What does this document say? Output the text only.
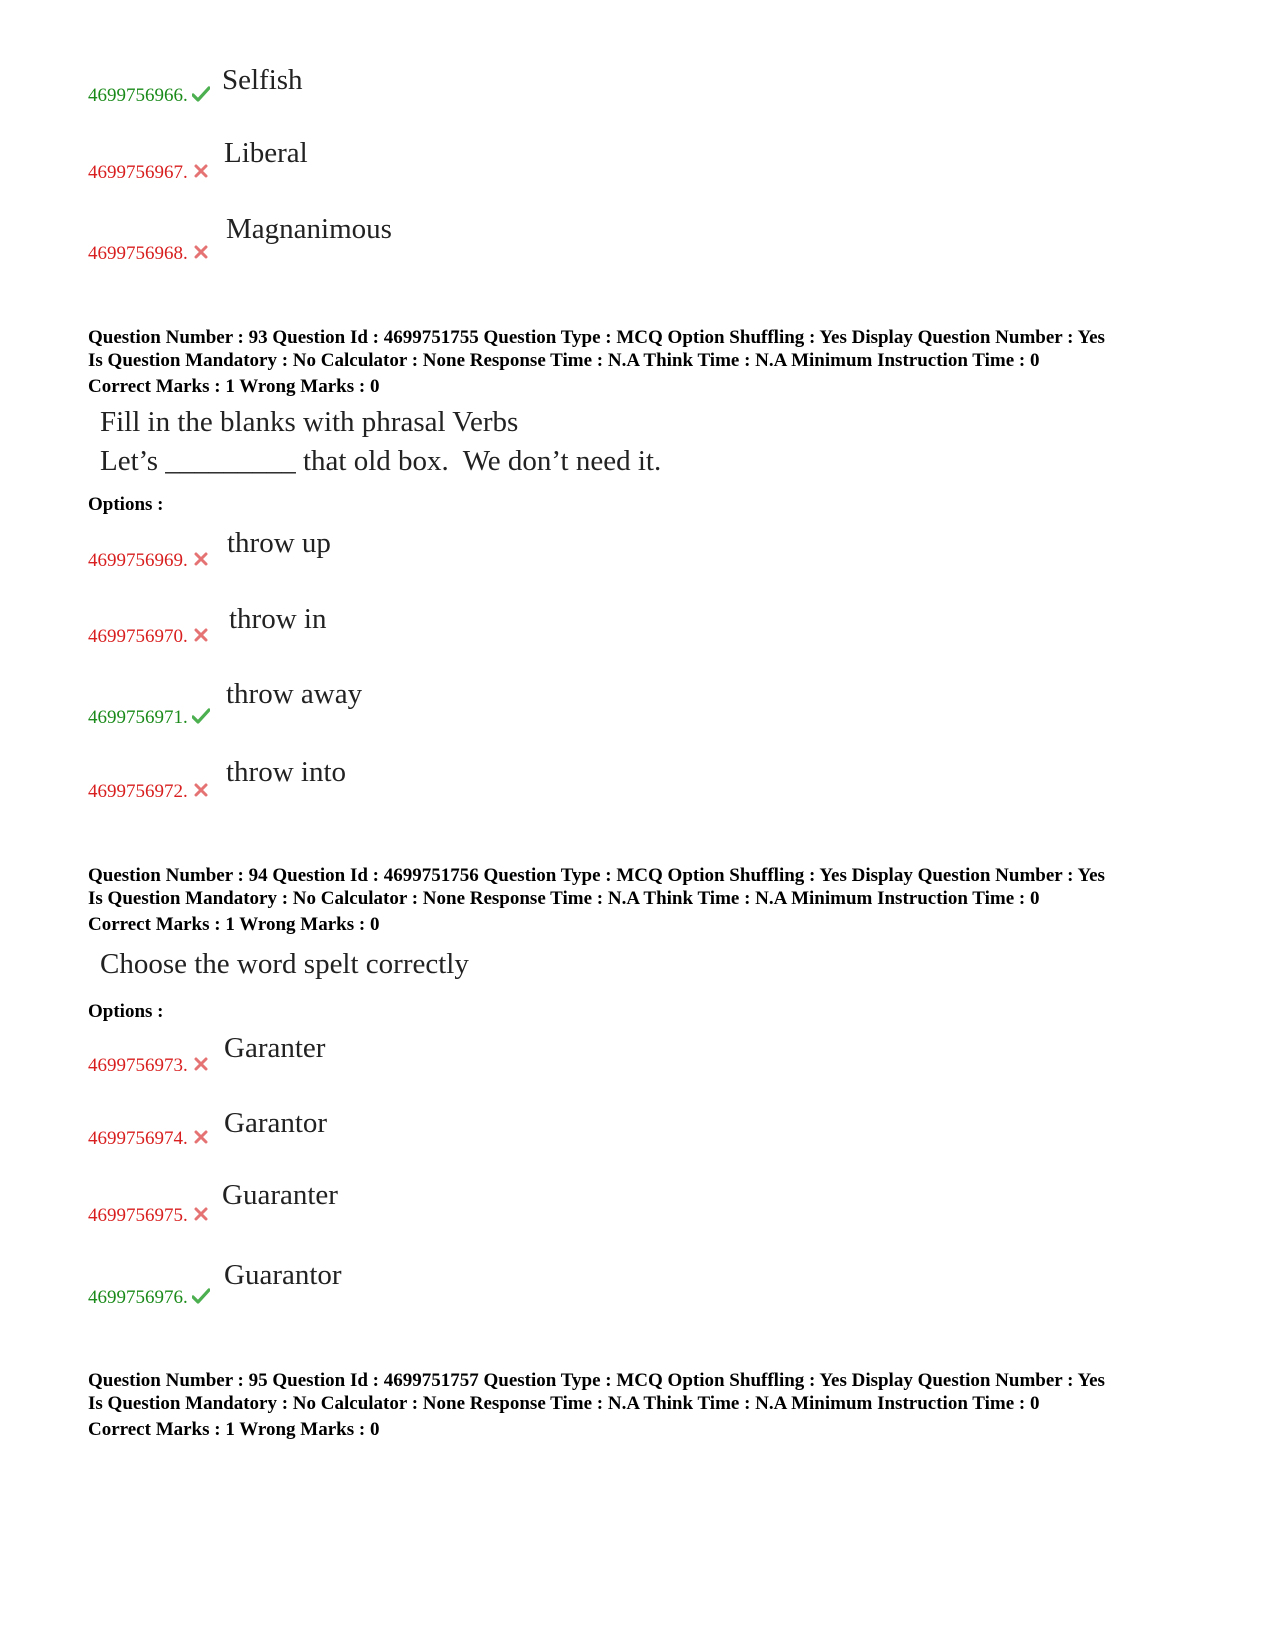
4699756966.	Selfish
4699756967.
Liberal
4699756968.
Magnanimous
Question Number : 93 Question Id : 4699751755 Question Type : MCQ Option Shuffling : Yes Display Question Number : Yes
Is Question Mandatory : No Calculator : None Response Time : N.A Think Time : N.A Minimum Instruction Time : 0
Correct Marks : 1 Wrong Marks : 0
Fill in the blanks with phrasal Verbs
Let’s _________ that old box.  We don’t need it.
Options :
4699756969.
throw up
4699756970.
throw in
4699756971.
throw away
4699756972.
throw into
Question Number : 94 Question Id : 4699751756 Question Type : MCQ Option Shuffling : Yes Display Question Number : Yes
Is Question Mandatory : No Calculator : None Response Time : N.A Think Time : N.A Minimum Instruction Time : 0
Correct Marks : 1 Wrong Marks : 0
Choose the word spelt correctly
Options :
4699756973.
Garanter
4699756974.	Garantor
4699756975.
Guaranter
4699756976.
Guarantor
Question Number : 95 Question Id : 4699751757 Question Type : MCQ Option Shuffling : Yes Display Question Number : Yes
Is Question Mandatory : No Calculator : None Response Time : N.A Think Time : N.A Minimum Instruction Time : 0
Correct Marks : 1 Wrong Marks : 0
